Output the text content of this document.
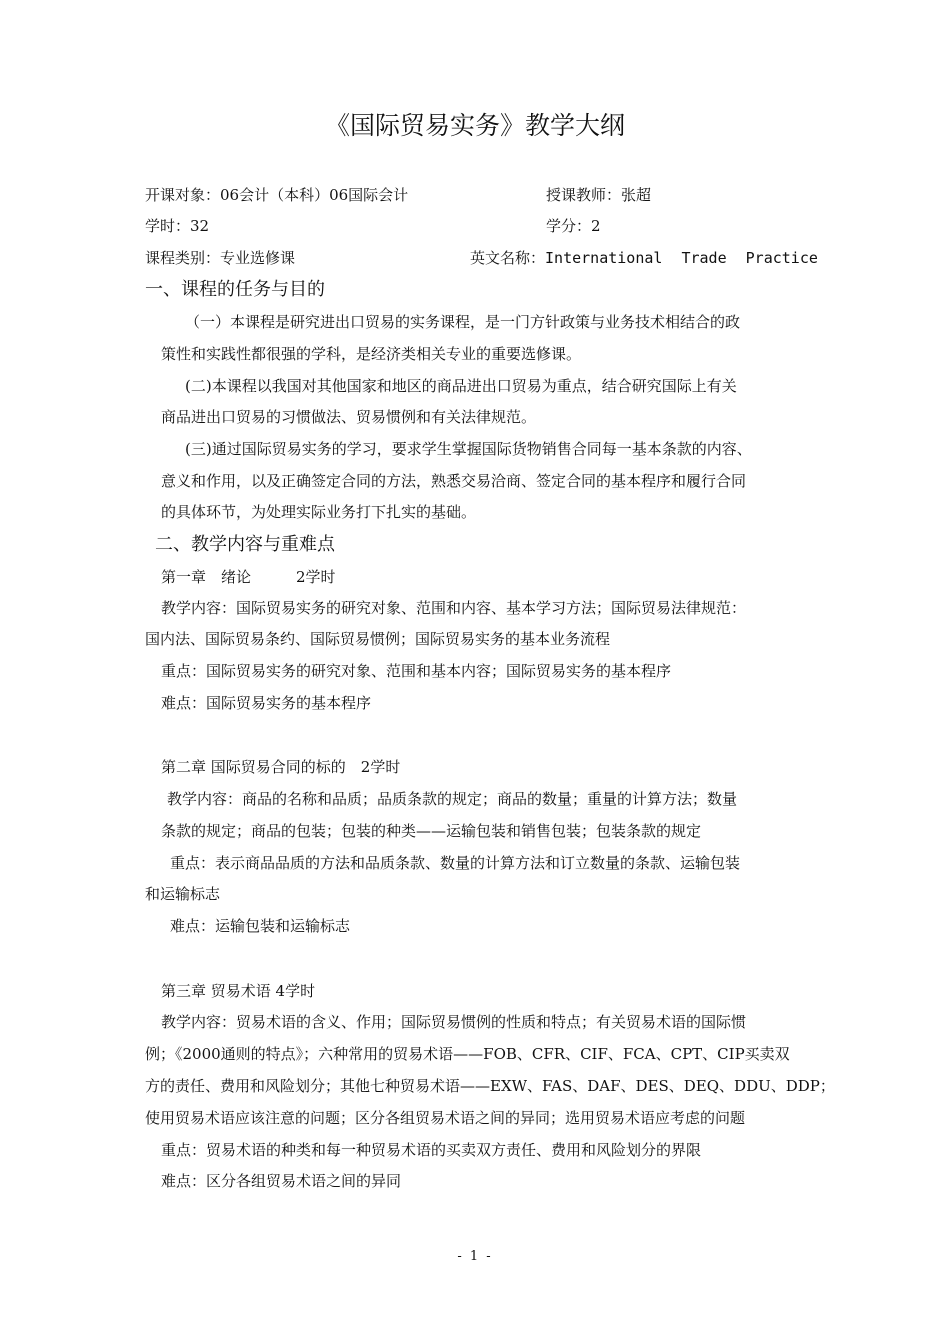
《国际贸易实务》教学大纲
开课对象：06会计（本科）06国际会计	授课教师：张超
学时：32	学分：2
课程类别：专业选修课	英文名称：International Trade Practice
一、课程的任务与目的
（一）本课程是研究进出口贸易的实务课程，是一门方针政策与业务技术相结合的政
策性和实践性都很强的学科，是经济类相关专业的重要选修课。
(二)本课程以我国对其他国家和地区的商品进出口贸易为重点，结合研究国际上有关
商品进出口贸易的习惯做法、贸易惯例和有关法律规范。
(三)通过国际贸易实务的学习，要求学生掌握国际货物销售合同每一基本条款的内容、
意义和作用，以及正确签定合同的方法，熟悉交易洽商、签定合同的基本程序和履行合同
的具体环节，为处理实际业务打下扎实的基础。
二、教学内容与重难点
第一章　绪论　　　2学时
教学内容：国际贸易实务的研究对象、范围和内容、基本学习方法；国际贸易法律规范：
国内法、国际贸易条约、国际贸易惯例；国际贸易实务的基本业务流程
重点：国际贸易实务的研究对象、范围和基本内容；国际贸易实务的基本程序
难点：国际贸易实务的基本程序
第二章 国际贸易合同的标的　2学时
教学内容：商品的名称和品质；品质条款的规定；商品的数量；重量的计算方法；数量
条款的规定；商品的包装；包装的种类——运输包装和销售包装；包装条款的规定
重点：表示商品品质的方法和品质条款、数量的计算方法和订立数量的条款、运输包装
和运输标志
难点：运输包装和运输标志
第三章 贸易术语 4学时
教学内容：贸易术语的含义、作用；国际贸易惯例的性质和特点；有关贸易术语的国际惯
例；《2000通则的特点》；六种常用的贸易术语——FOB、CFR、CIF、FCA、CPT、CIP买卖双
方的责任、费用和风险划分；其他七种贸易术语——EXW、FAS、DAF、DES、DEQ、DDU、DDP；
使用贸易术语应该注意的问题；区分各组贸易术语之间的异同；选用贸易术语应考虑的问题
重点：贸易术语的种类和每一种贸易术语的买卖双方责任、费用和风险划分的界限
难点：区分各组贸易术语之间的异同
- 1 -
